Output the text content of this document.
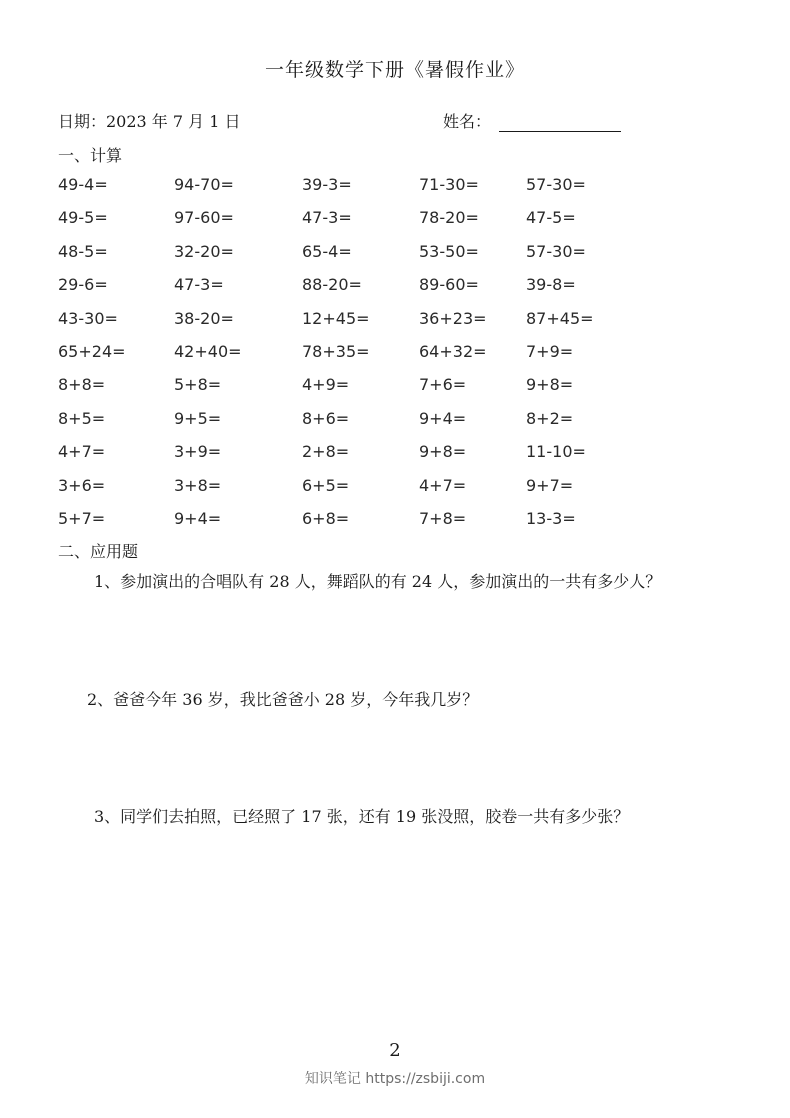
一年级数学下册《暑假作业》
日期：2023 年 7 月 1 日	姓名：
一、计算
49-4=	94-70=	39-3=	71-30=	57-30=
49-5=	97-60=	47-3=	78-20=	47-5=
48-5=	32-20=	65-4=	53-50=	57-30=
29-6=	47-3=	88-20=	89-60=	39-8=
43-30=	38-20=	12+45=	36+23= 87+45=
65+24=	42+40=	78+35=	64+32= 7+9=
8+8=	5+8=	4+9=	7+6=	9+8=
8+5=	9+5=	8+6=	9+4=	8+2=
4+7=	3+9=	2+8=	9+8=	11-10=
3+6=	3+8=	6+5=	4+7=	9+7=
5+7=	9+4=	6+8=	7+8=	13-3=
二、应用题
1、参加演出的合唱队有 28 人，舞蹈队的有 24 人，参加演出的一共有多少人？
2、爸爸今年 36 岁，我比爸爸小 28 岁，今年我几岁？
3、同学们去拍照，已经照了 17 张，还有 19 张没照，胶卷一共有多少张？
2
知识笔记 https://zsbiji.com
